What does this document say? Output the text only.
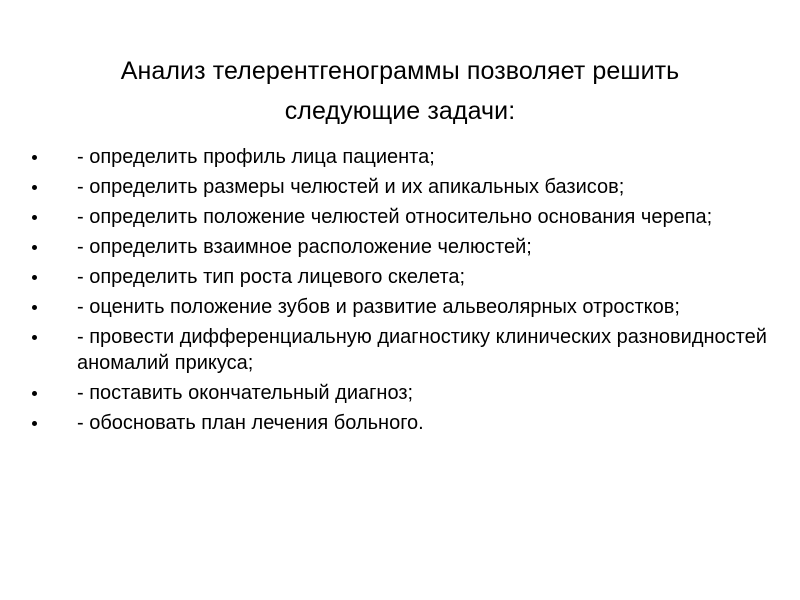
Анализ телерентгенограммы позволяет решить
следующие задачи:
- определить профиль лица пациента;
- определить размеры челюстей и их апикальных базисов;
- определить положение челюстей относительно основания черепа;
- определить взаимное расположение челюстей;
- определить тип роста лицевого скелета;
- оценить положение зубов и развитие альвеолярных отростков;
- провести дифференциальную диагностику клинических разновидностей аномалий прикуса;
- поставить окончательный диагноз;
- обосновать план лечения больного.
